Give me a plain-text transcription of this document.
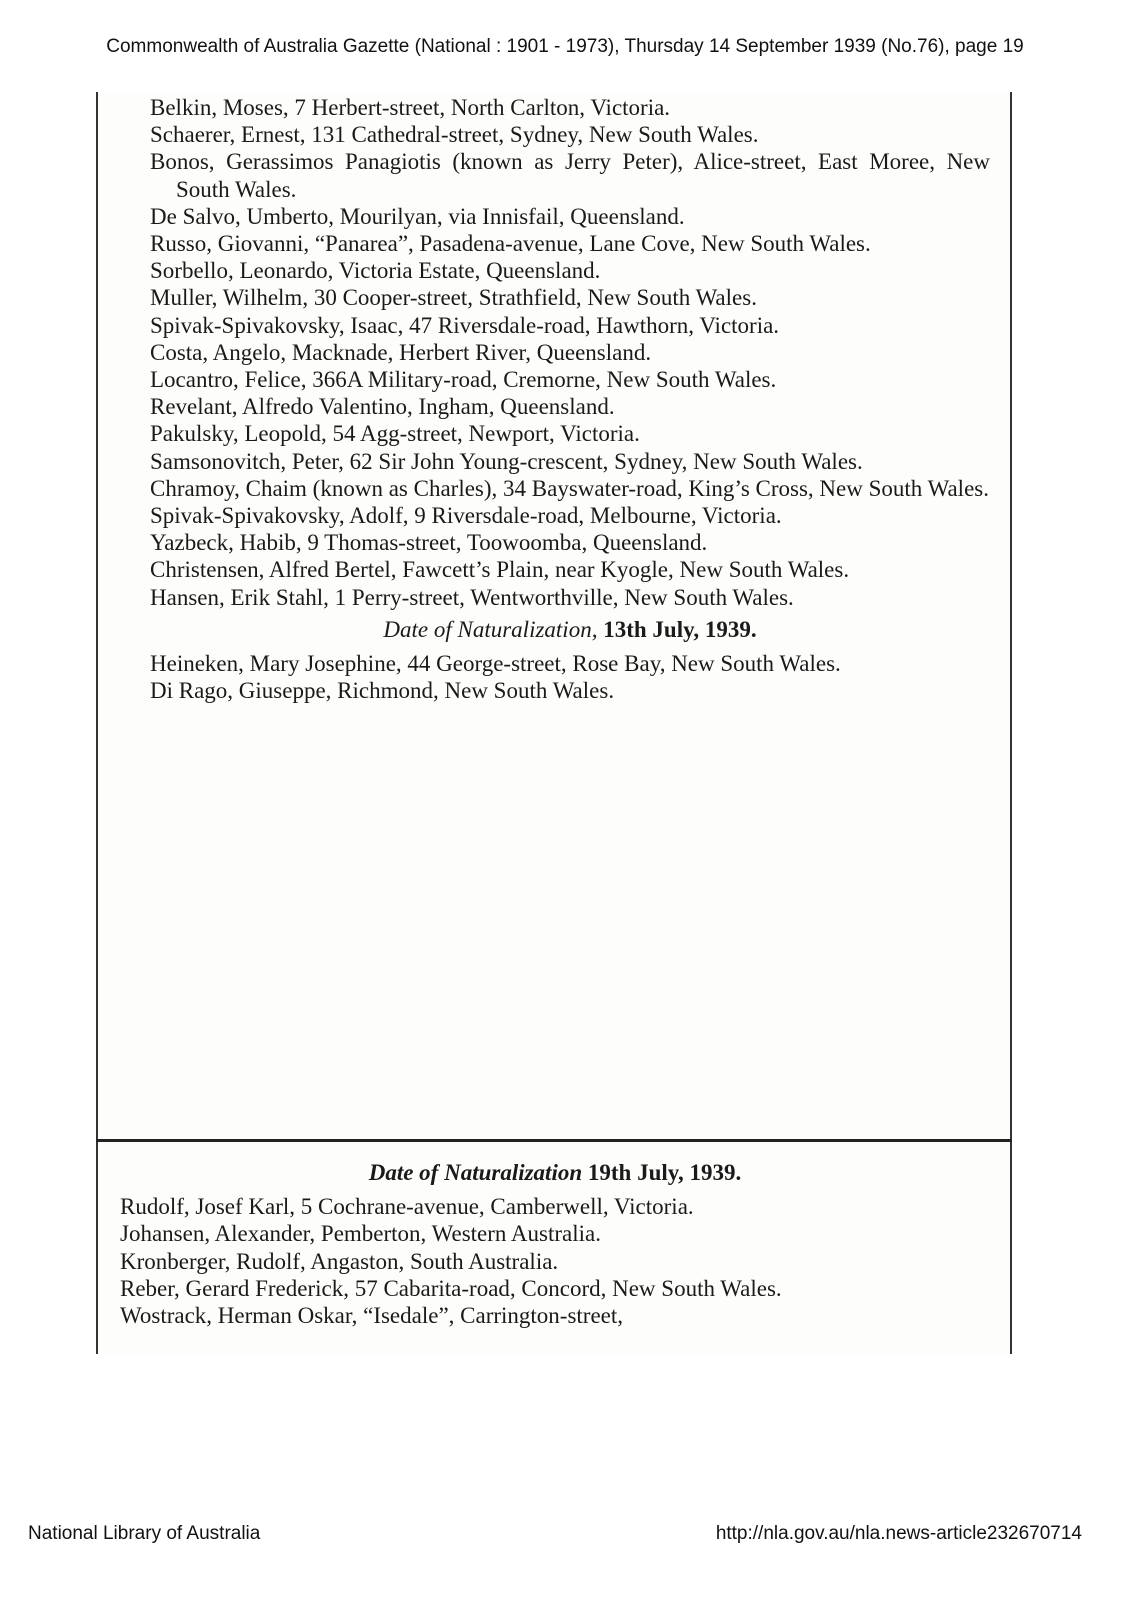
Commonwealth of Australia Gazette (National : 1901 - 1973), Thursday 14 September 1939 (No.76), page 19

Belkin, Moses, 7 Herbert-street, North Carlton, Victoria.

Schaerer, Ernest, 131 Cathedral-street, Sydney, New South Wales.

Bonos, Gerassimos Panagiotis (known as Jerry Peter), Alice-street, East Moree, New South Wales.

De Salvo, Umberto, Mourilyan, via Innisfail, Queensland.

Russo, Giovanni, “Panarea”, Pasadena-avenue, Lane Cove, New South Wales.

Sorbello, Leonardo, Victoria Estate, Queensland.

Muller, Wilhelm, 30 Cooper-street, Strathfield, New South Wales.

Spivak-Spivakovsky, Isaac, 47 Riversdale-road, Hawthorn, Victoria.

Costa, Angelo, Macknade, Herbert River, Queensland.

Locantro, Felice, 366A Military-road, Cremorne, New South Wales.

Revelant, Alfredo Valentino, Ingham, Queensland.

Pakulsky, Leopold, 54 Agg-street, Newport, Victoria.

Samsonovitch, Peter, 62 Sir John Young-crescent, Sydney, New South Wales.

Chramoy, Chaim (known as Charles), 34 Bayswater-road, King’s Cross, New South Wales.

Spivak-Spivakovsky, Adolf, 9 Riversdale-road, Melbourne, Victoria.

Yazbeck, Habib, 9 Thomas-street, Toowoomba, Queensland.

Christensen, Alfred Bertel, Fawcett’s Plain, near Kyogle, New South Wales.

Hansen, Erik Stahl, 1 Perry-street, Wentworthville, New South Wales.

Date of Naturalization, 13th July, 1939.

Heineken, Mary Josephine, 44 George-street, Rose Bay, New South Wales.

Di Rago, Giuseppe, Richmond, New South Wales.

Date of Naturalization 19th July, 1939.

Rudolf, Josef Karl, 5 Cochrane-avenue, Camberwell, Victoria.

Johansen, Alexander, Pemberton, Western Australia.

Kronberger, Rudolf, Angaston, South Australia.

Reber, Gerard Frederick, 57 Cabarita-road, Concord, New South Wales.

Wostrack, Herman Oskar, “Isedale”, Carrington-street,

National Library of Australia	http://nla.gov.au/nla.news-article232670714
